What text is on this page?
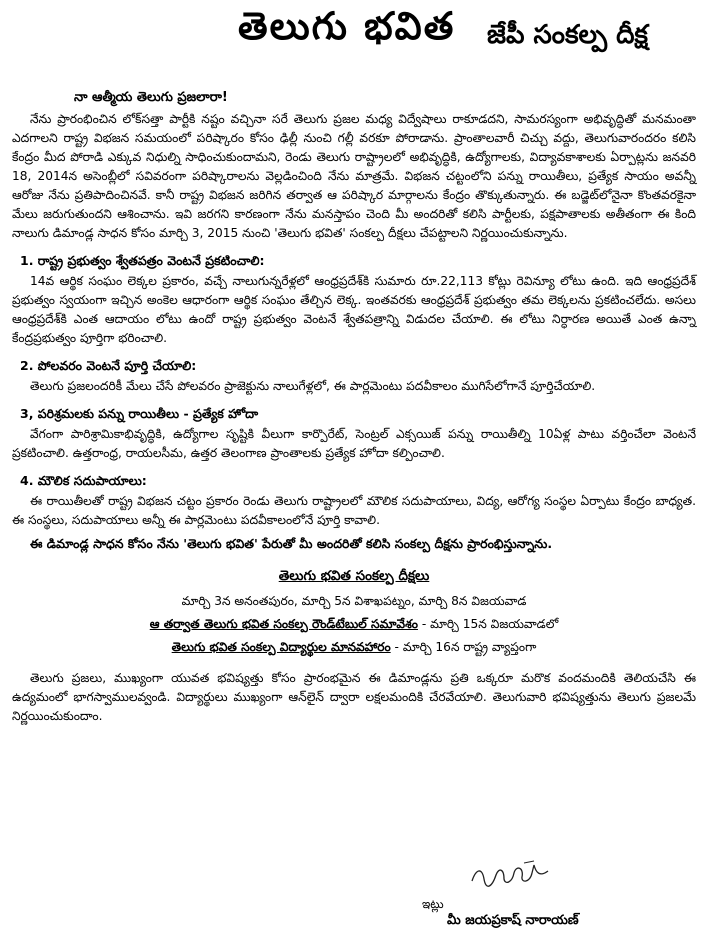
తెలుగు భవిత జేపీ సంకల్ప దీక్ష
నా ఆత్మీయ తెలుగు ప్రజలారా!

నేను ప్రారంభించిన లోక్‌సత్తా పార్టీకి నష్టం వచ్చినా సరే తెలుగు ప్రజల మధ్య విద్వేషాలు రాకూడదని, సామరస్యంగా అభివృద్ధితో మనమంతా ఎదగాలని రాష్ట్ర విభజన సమయంలో పరిష్కారం కోసం ఢిల్లీ నుంచి గల్లీ వరకూ పోరాడాను. ప్రాంతాలవారీ చిచ్చు వద్దు, తెలుగువారందరం కలిసి కేంద్రం మీద పోరాడి ఎక్కువ నిధుల్ని సాధించుకుందామని, రెండు తెలుగు రాష్ట్రాలలో అభివృద్ధికి, ఉద్యోగాలకు, విద్యావకాశాలకు ఏర్పాట్లను జనవరి 18, 2014న అసెంబ్లీలో సవివరంగా పరిష్కారాలను వెల్లడించింది నేను మాత్రమే. విభజన చట్టంలోని పన్ను రాయితీలు, ప్రత్యేక సాయం అవన్నీ ఆరోజు నేను ప్రతిపాదించినవే. కానీ రాష్ట్ర విభజన జరిగిన తర్వాత ఆ పరిష్కార మార్గాలను కేంద్రం తొక్కుతున్నారు. ఈ బడ్జెట్‌లోనైనా కొంతవరకైనా మేలు జరుగుతుందని ఆశించాను. ఇవి జరగని కారణంగా నేను మనస్తాపం చెంది మీ అందరితో కలిసి పార్టీలకు, పక్షపాతాలకు అతీతంగా ఈ కింది నాలుగు డిమాండ్ల సాధన కోసం మార్చి 3, 2015 నుంచి 'తెలుగు భవిత' సంకల్ప దీక్షలు చేపట్టాలని నిర్ణయించుకున్నాను.

1. రాష్ట్ర ప్రభుత్వం శ్వేతపత్రం వెంటనే ప్రకటించాలి:

14వ ఆర్థిక సంఘం లెక్కల ప్రకారం, వచ్చే నాలుగున్నరేళ్లలో ఆంధ్రప్రదేశ్‌కి సుమారు రూ.22,113 కోట్లు రెవిన్యూ లోటు ఉంది. ఇది ఆంధ్రప్రదేశ్ ప్రభుత్వం స్వయంగా ఇచ్చిన అంకెల ఆధారంగా ఆర్థిక సంఘం తేల్చిన లెక్క. ఇంతవరకు ఆంధ్రప్రదేశ్ ప్రభుత్వం తమ లెక్కలను ప్రకటించలేదు. అసలు ఆంధ్రప్రదేశ్‌కి ఎంత ఆదాయం లోటు ఉందో రాష్ట్ర ప్రభుత్వం వెంటనే శ్వేతపత్రాన్ని విడుదల చేయాలి. ఈ లోటు నిర్ధారణ అయితే ఎంత ఉన్నా కేంద్రప్రభుత్వం పూర్తిగా భరించాలి.

2. పోలవరం వెంటనే పూర్తి చేయాలి:

తెలుగు ప్రజలందరికీ మేలు చేసే పోలవరం ప్రాజెక్టును నాలుగేళ్లలో, ఈ పార్లమెంటు పదవీకాలం ముగిసేలోగానే పూర్తిచేయాలి.

3, పరిశ్రమలకు పన్ను రాయితీలు - ప్రత్యేక హోదా

వేగంగా పారిశ్రామికాభివృద్ధికి, ఉద్యోగాల సృష్టికి వీలుగా కార్పొరేట్, సెంట్రల్ ఎక్సయిజ్ పన్ను రాయితీల్ని 10ఏళ్ల పాటు వర్తించేలా వెంటనే ప్రకటించాలి. ఉత్తరాంధ్ర, రాయలసీమ, ఉత్తర తెలంగాణ ప్రాంతాలకు ప్రత్యేక హోదా కల్పించాలి.

4. మౌలిక సదుపాయాలు:

ఈ రాయితీలతో రాష్ట్ర విభజన చట్టం ప్రకారం రెండు తెలుగు రాష్ట్రాలలో మౌలిక సదుపాయాలు, విద్య, ఆరోగ్య సంస్థల ఏర్పాటు కేంద్రం బాధ్యత. ఈ సంస్థలు, సదుపాయాలు అన్నీ ఈ పార్లమెంటు పదవీకాలంలోనే పూర్తి కావాలి.

ఈ డిమాండ్ల సాధన కోసం నేను 'తెలుగు భవిత' పేరుతో మీ అందరితో కలిసి సంకల్ప దీక్షను ప్రారంభిస్తున్నాను.

తెలుగు భవిత సంకల్ప దీక్షలు
మార్చి 3న అనంతపురం, మార్చి 5న విశాఖపట్నం, మార్చి 8న విజయవాడ
ఆ తర్వాత తెలుగు భవిత సంకల్ప రౌండ్‌టేబుల్ సమావేశం - మార్చి 15న విజయవాడలో
తెలుగు భవిత సంకల్ప విద్యార్థుల మానవహారం - మార్చి 16న రాష్ట్ర వ్యాప్తంగా

తెలుగు ప్రజలు, ముఖ్యంగా యువత భవిష్యత్తు కోసం ప్రారంభమైన ఈ డిమాండ్లను ప్రతి ఒక్కరూ మరొక వందమందికి తెలియచేసి ఈ ఉద్యమంలో భాగస్వాములవ్వండి. విద్యార్థులు ముఖ్యంగా ఆన్‌లైన్ ద్వారా లక్షలమందికి చేరవేయాలి. తెలుగువారి భవిష్యత్తును తెలుగు ప్రజలమే నిర్ణయించుకుందాం.

ఇట్లు
మీ జయప్రకాష్ నారాయణ్
